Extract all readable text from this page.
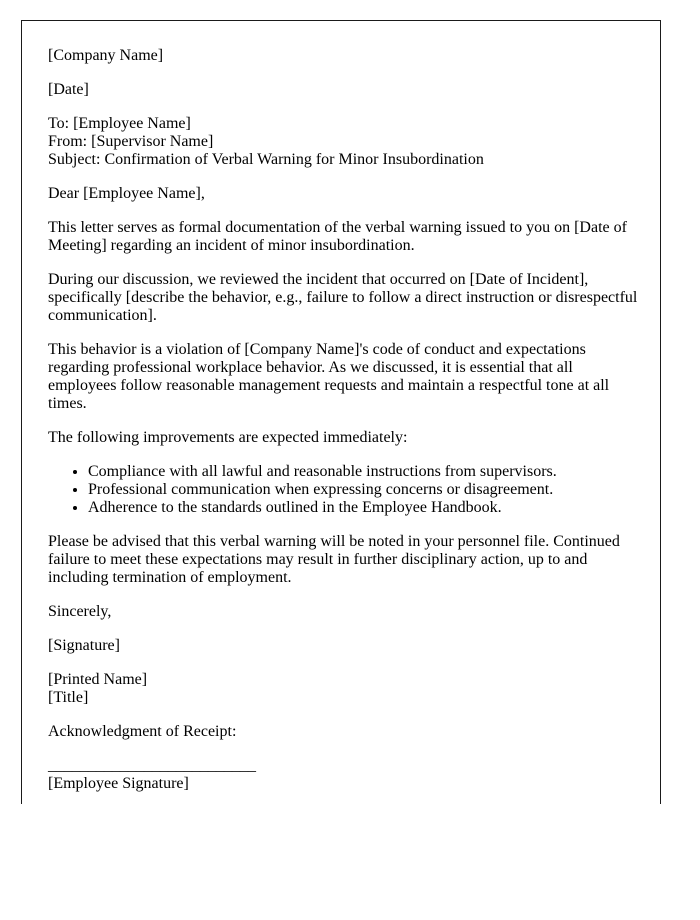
[Company Name]

[Date]

To: [Employee Name]
From: [Supervisor Name]
Subject: Confirmation of Verbal Warning for Minor Insubordination

Dear [Employee Name],

This letter serves as formal documentation of the verbal warning issued to you on [Date of Meeting] regarding an incident of minor insubordination.

During our discussion, we reviewed the incident that occurred on [Date of Incident], specifically [describe the behavior, e.g., failure to follow a direct instruction or disrespectful communication].

This behavior is a violation of [Company Name]'s code of conduct and expectations regarding professional workplace behavior. As we discussed, it is essential that all employees follow reasonable management requests and maintain a respectful tone at all times.

The following improvements are expected immediately:

• Compliance with all lawful and reasonable instructions from supervisors.
• Professional communication when expressing concerns or disagreement.
• Adherence to the standards outlined in the Employee Handbook.

Please be advised that this verbal warning will be noted in your personnel file. Continued failure to meet these expectations may result in further disciplinary action, up to and including termination of employment.

Sincerely,

[Signature]

[Printed Name]
[Title]

Acknowledgment of Receipt:

__________________________
[Employee Signature]
